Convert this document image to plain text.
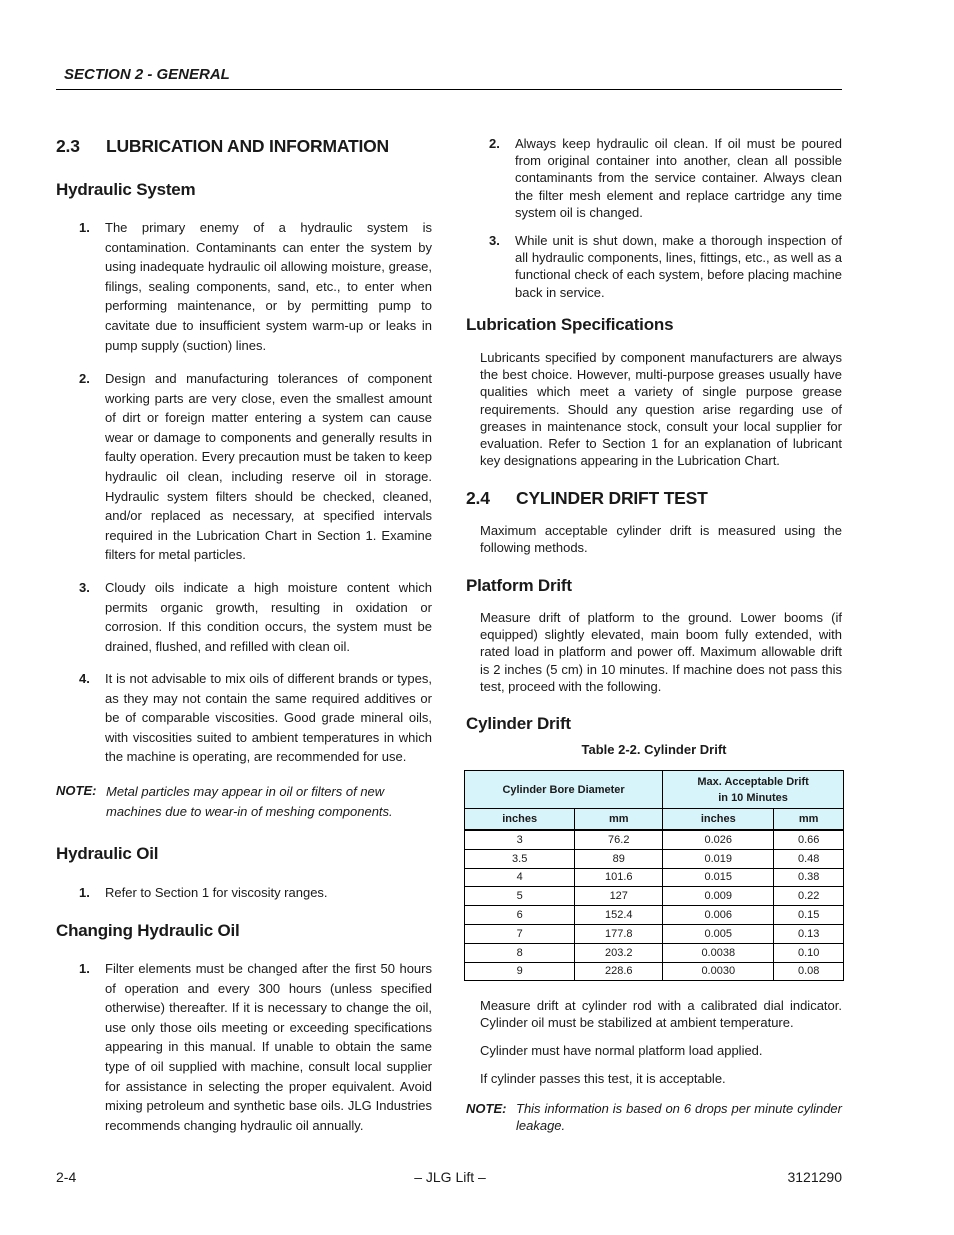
SECTION 2 - GENERAL
2.3 LUBRICATION AND INFORMATION
Hydraulic System
1. The primary enemy of a hydraulic system is contamination. Contaminants can enter the system by using inadequate hydraulic oil allowing moisture, grease, filings, sealing components, sand, etc., to enter when performing maintenance, or by permitting pump to cavitate due to insufficient system warm-up or leaks in pump supply (suction) lines.
2. Design and manufacturing tolerances of component working parts are very close, even the smallest amount of dirt or foreign matter entering a system can cause wear or damage to components and generally results in faulty operation. Every precaution must be taken to keep hydraulic oil clean, including reserve oil in storage. Hydraulic system filters should be checked, cleaned, and/or replaced as necessary, at specified intervals required in the Lubrication Chart in Section 1. Examine filters for metal particles.
3. Cloudy oils indicate a high moisture content which permits organic growth, resulting in oxidation or corrosion. If this condition occurs, the system must be drained, flushed, and refilled with clean oil.
4. It is not advisable to mix oils of different brands or types, as they may not contain the same required additives or be of comparable viscosities. Good grade mineral oils, with viscosities suited to ambient temperatures in which the machine is operating, are recommended for use.
NOTE: Metal particles may appear in oil or filters of new machines due to wear-in of meshing components.
Hydraulic Oil
1. Refer to Section 1 for viscosity ranges.
Changing Hydraulic Oil
1. Filter elements must be changed after the first 50 hours of operation and every 300 hours (unless specified otherwise) thereafter. If it is necessary to change the oil, use only those oils meeting or exceeding specifications appearing in this manual. If unable to obtain the same type of oil supplied with machine, consult local supplier for assistance in selecting the proper equivalent. Avoid mixing petroleum and synthetic base oils. JLG Industries recommends changing hydraulic oil annually.
2. Always keep hydraulic oil clean. If oil must be poured from original container into another, clean all possible contaminants from the service container. Always clean the filter mesh element and replace cartridge any time system oil is changed.
3. While unit is shut down, make a thorough inspection of all hydraulic components, lines, fittings, etc., as well as a functional check of each system, before placing machine back in service.
Lubrication Specifications
Lubricants specified by component manufacturers are always the best choice. However, multi-purpose greases usually have qualities which meet a variety of single purpose grease requirements. Should any question arise regarding use of greases in maintenance stock, consult your local supplier for evaluation. Refer to Section 1 for an explanation of lubricant key designations appearing in the Lubrication Chart.
2.4 CYLINDER DRIFT TEST
Maximum acceptable cylinder drift is measured using the following methods.
Platform Drift
Measure drift of platform to the ground. Lower booms (if equipped) slightly elevated, main boom fully extended, with rated load in platform and power off. Maximum allowable drift is 2 inches (5 cm) in 10 minutes. If machine does not pass this test, proceed with the following.
Cylinder Drift
Table 2-2. Cylinder Drift
Cylinder Bore Diameter		Max. Acceptable Drift
in 10 Minutes	
inches	mm	inches	mm
3	76.2	0.026	0.66
3.5	89	0.019	0.48
4	101.6	0.015	0.38
5	127	0.009	0.22
6	152.4	0.006	0.15
7	177.8	0.005	0.13
8	203.2	0.0038	0.10
9	228.6	0.0030	0.08
Measure drift at cylinder rod with a calibrated dial indicator. Cylinder oil must be stabilized at ambient temperature.
Cylinder must have normal platform load applied.
If cylinder passes this test, it is acceptable.
NOTE: This information is based on 6 drops per minute cylinder leakage.
2-4	– JLG Lift –	3121290
